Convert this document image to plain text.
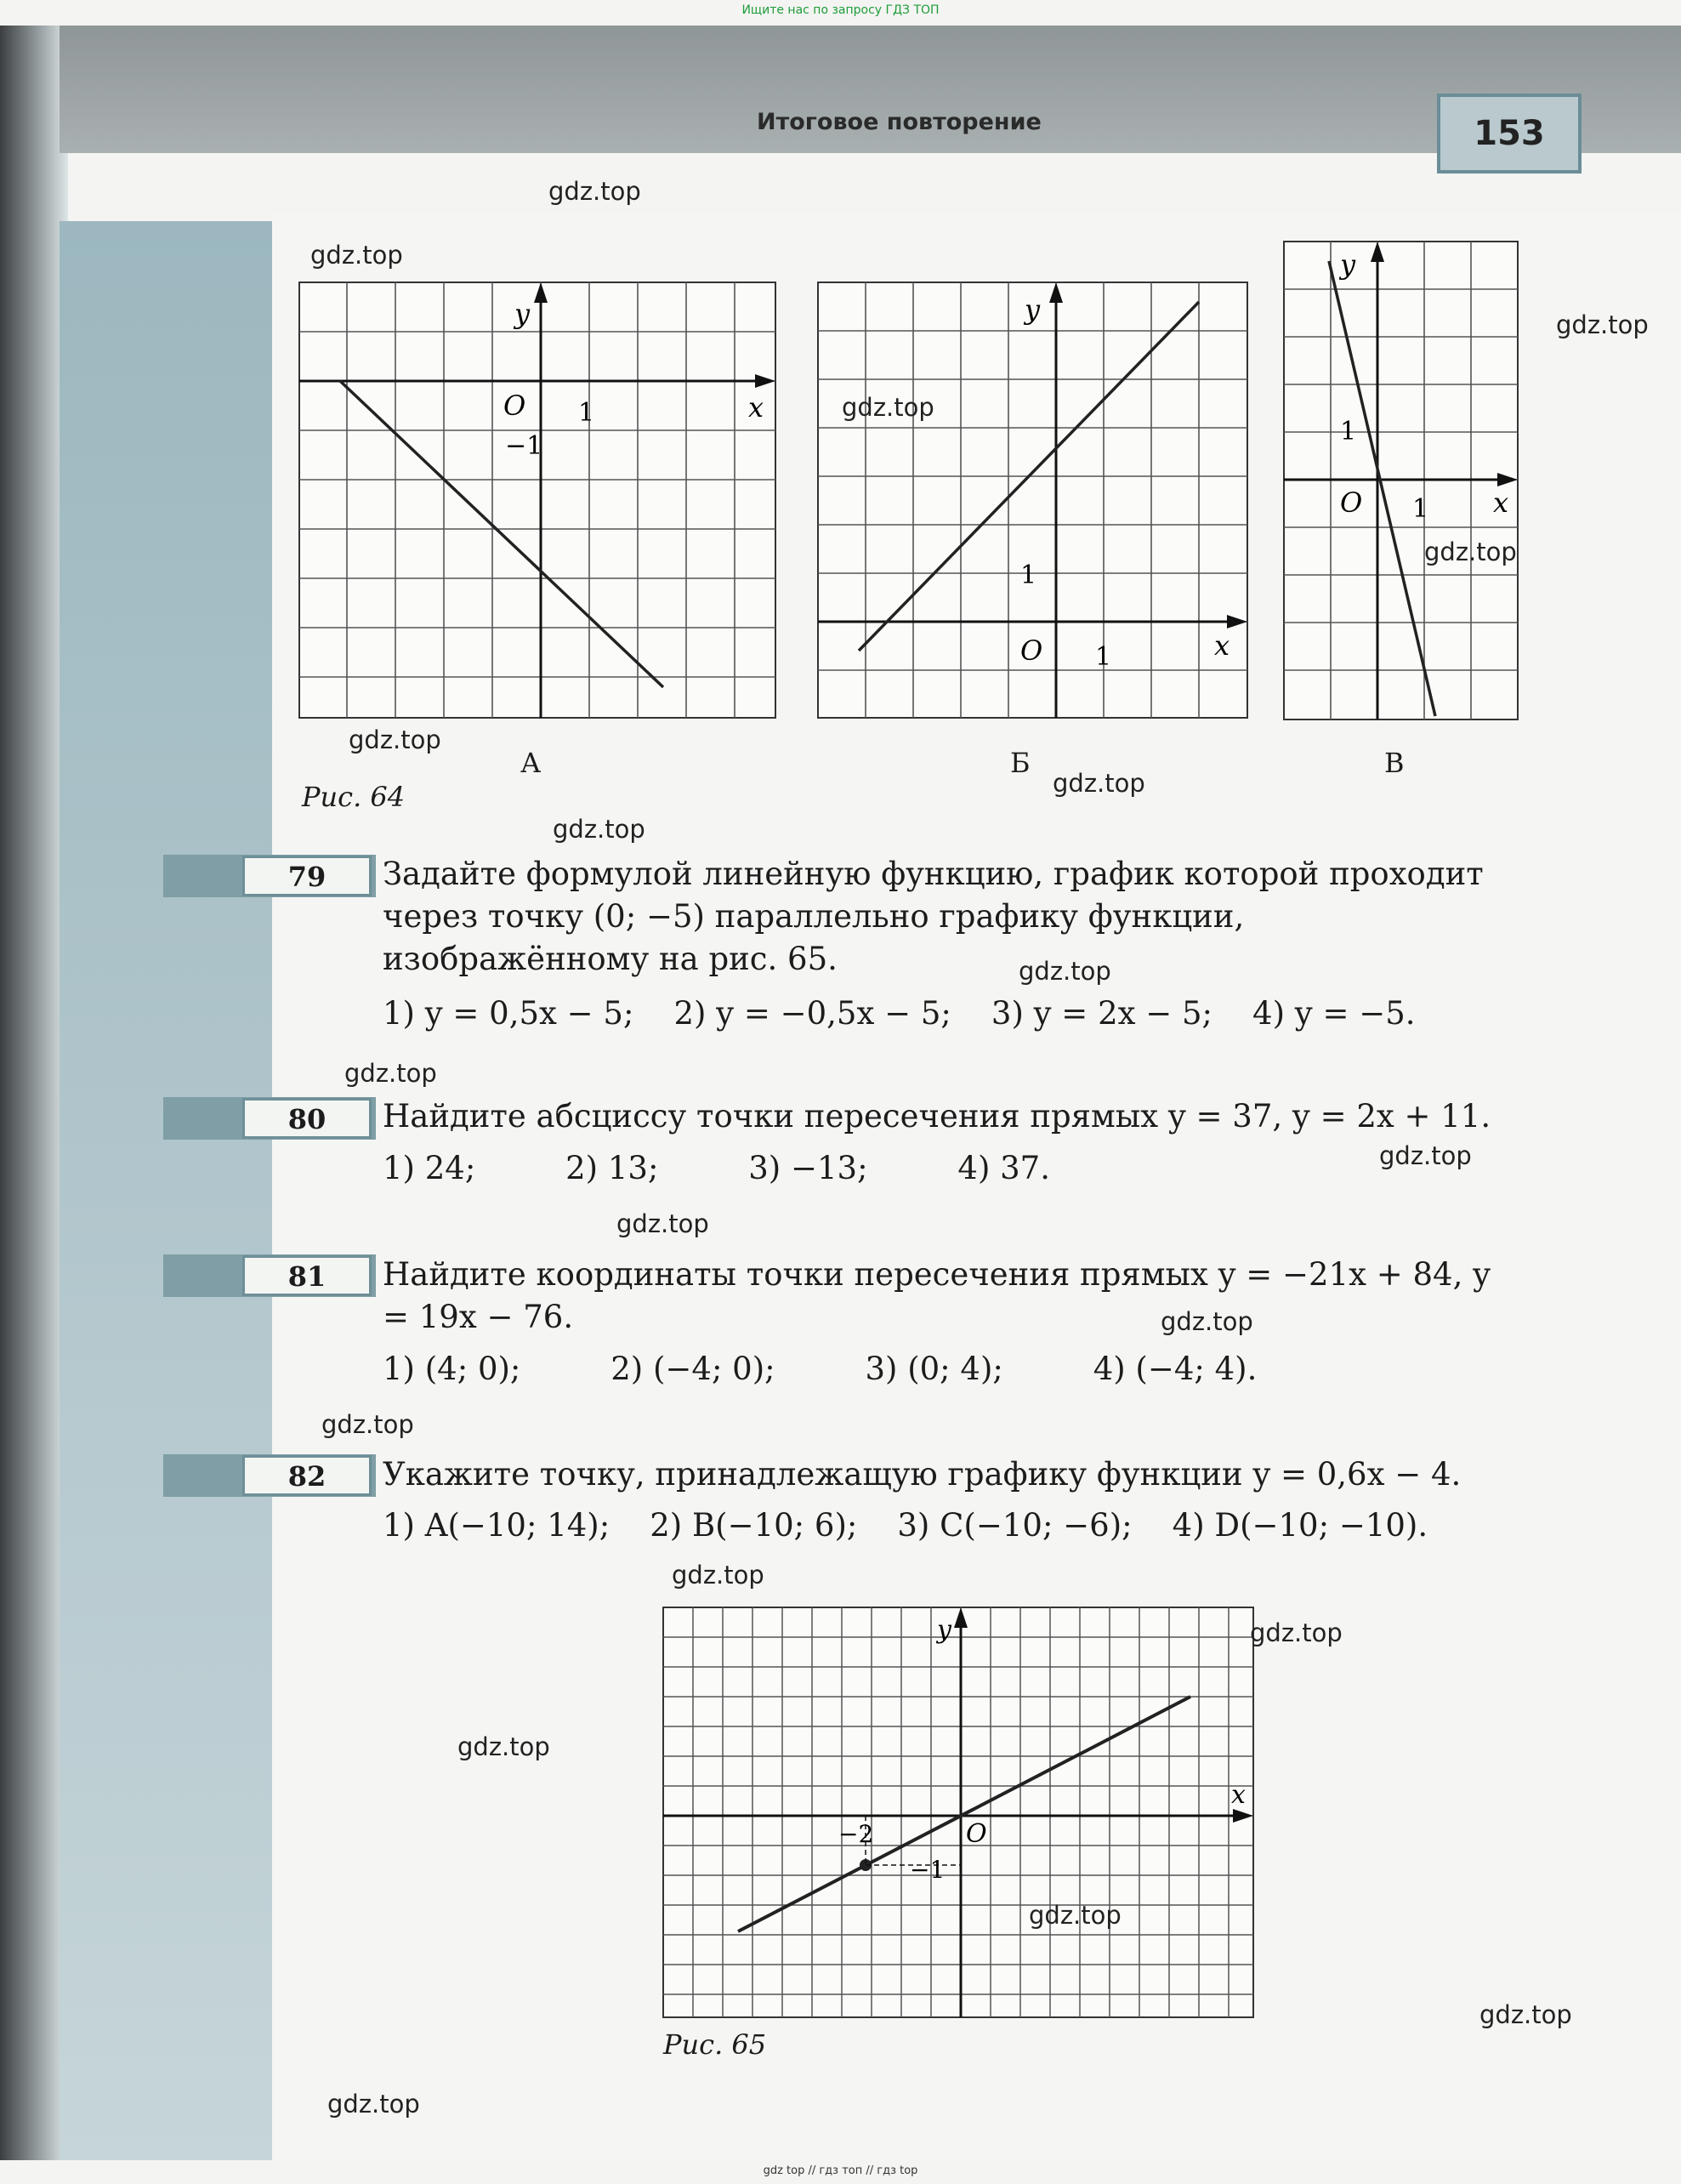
Ищите нас по запросу ГДЗ ТОП
Итоговое повторение	153
y
x
O 1
−1
А
y
x
O 1
1
Б
y
x
O 1
1
В
Рис. 64
79	Задайте формулой линейную функцию, график которой проходит через точку (0; −5) параллельно графику функции, изображённому на рис. 65.
1) y = 0,5x − 5;    2) y = −0,5x − 5;    3) y = 2x − 5;    4) y = −5.
80	Найдите абсциссу точки пересечения прямых y = 37, y = 2x + 11.
1) 24;         2) 13;         3) −13;         4) 37.
81	Найдите координаты точки пересечения прямых y = −21x + 84, y = 19x − 76.
1) (4; 0);         2) (−4; 0);         3) (0; 4);         4) (−4; 4).
82	Укажите точку, принадлежащую графику функции y = 0,6x − 4.
1) A(−10; 14);    2) B(−10; 6);    3) C(−10; −6);    4) D(−10; −10).
y
x
O
−2
−1
Рис. 65
gdz.top
gdz.top
gdz.top
gdz.top
gdz.top
gdz.top
gdz.top
gdz.top
gdz.top
gdz.top
gdz.top
gdz.top
gdz.top
gdz.top
gdz.top
gdz.top
gdz.top
gdz.top
gdz.top
gdz.top
gdz top // гдз топ // гдз top
